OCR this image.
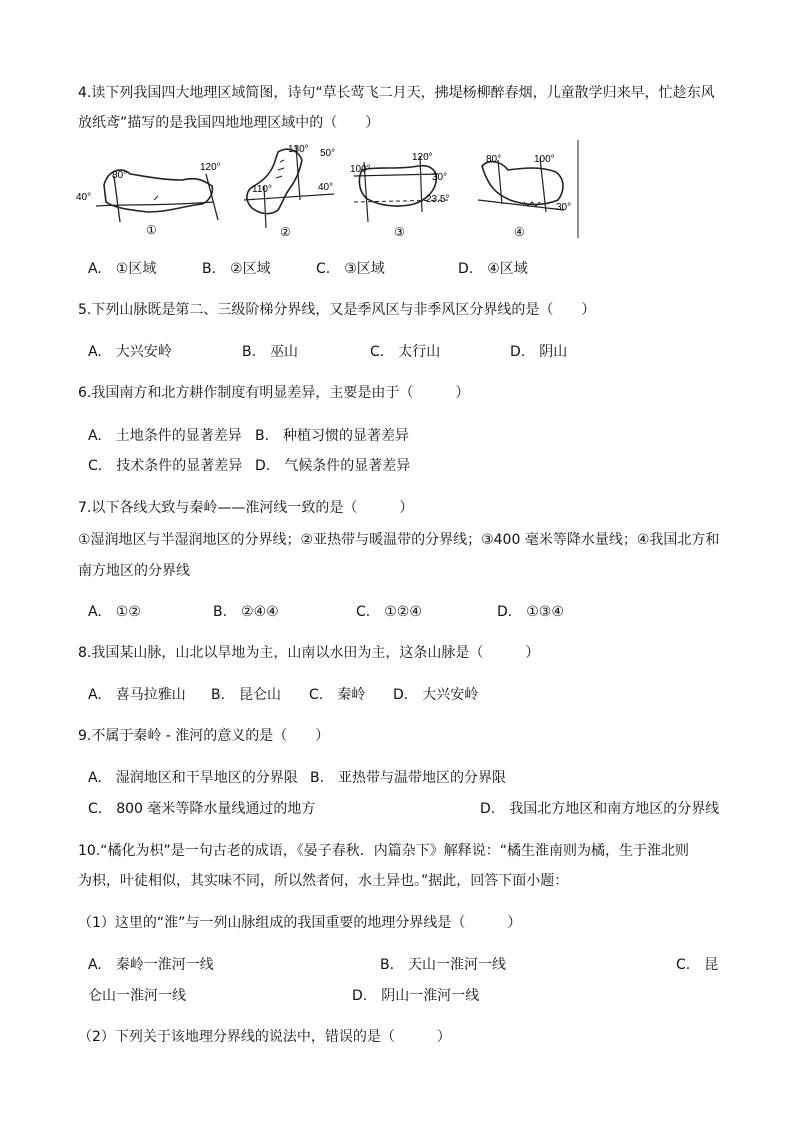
4.读下列我国四大地理区域简图，诗句“草长莺飞二月天，拂堤杨柳醉春烟，儿童散学归来早，忙趁东风
放纸鸢”描写的是我国四地地理区域中的（　　）
80°
120°
40°
①
130° 50°
110°	40°
②
120°
100°
30°
23.5°
③
80°	100°
30°
④
A.　①区域	B.　②区域	C.　③区域	D.　④区域
5.下列山脉既是第二、三级阶梯分界线，又是季风区与非季风区分界线的是（　　）
A.　大兴安岭	B.　巫山	C.　太行山	D.　阴山
6.我国南方和北方耕作制度有明显差异，主要是由于（　　　）
A.　土地条件的显著差异 B.　种植习惯的显著差异
C.　技术条件的显著差异 D.　气候条件的显著差异
7.以下各线大致与秦岭——淮河线一致的是（　　　）
①湿润地区与半湿润地区的分界线；②亚热带与暖温带的分界线；③400 毫米等降水量线；④我国北方和
南方地区的分界线
A.　①②	B.　②④④	C.　①②④	D.　①③④
8.我国某山脉，山北以旱地为主，山南以水田为主，这条山脉是（　　　）
A.　喜马拉雅山 B.　昆仑山 C.　秦岭 D.　大兴安岭
9.不属于秦岭 - 淮河的意义的是（　　）
A.　湿润地区和干旱地区的分界限 B.　亚热带与温带地区的分界限
C.　800 毫米等降水量线通过的地方	D.　我国北方地区和南方地区的分界线
10.“橘化为枳”是一句古老的成语，《晏子春秋．内篇杂下》解释说：“橘生淮南则为橘，生于淮北则
为枳，叶徒相似，其实味不同，所以然者何，水土异也。”据此，回答下面小题：
（1）这里的“淮”与一列山脉组成的我国重要的地理分界线是（　　　）
A.　秦岭一淮河一线	B.　天山一淮河一线	C.　昆
仑山一淮河一线	D.　阴山一淮河一线
（2）下列关于该地理分界线的说法中，错误的是（　　　）
